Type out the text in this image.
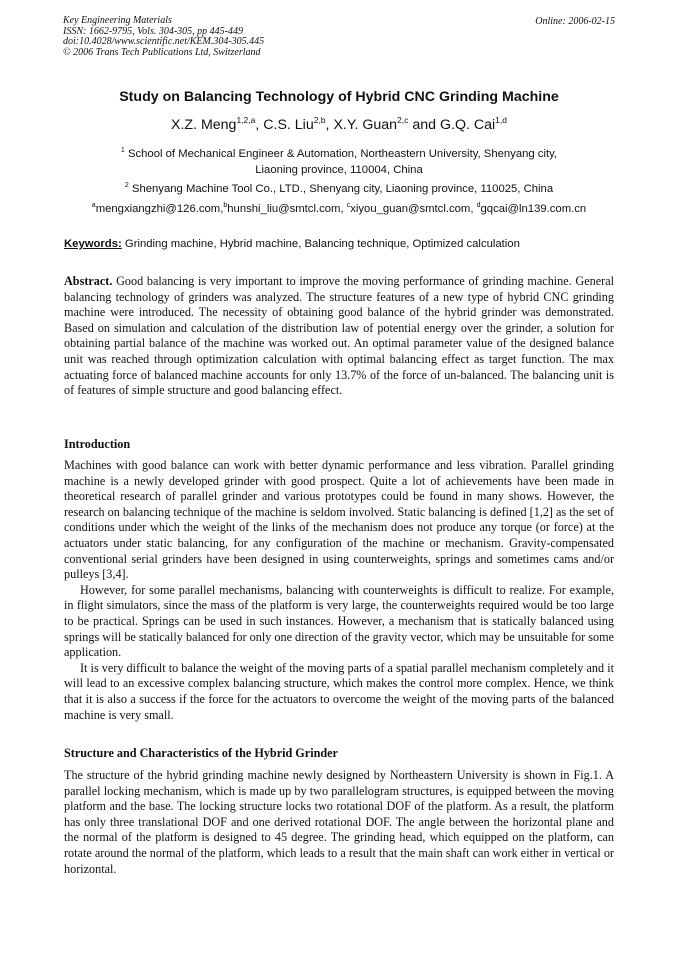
Key Engineering Materials
ISSN: 1662-9795, Vols. 304-305, pp 445-449
doi:10.4028/www.scientific.net/KEM.304-305.445
© 2006 Trans Tech Publications Ltd, Switzerland
Online: 2006-02-15
Study on Balancing Technology of Hybrid CNC Grinding Machine
X.Z. Meng$^{1,2,a}$, C.S. Liu$^{2,b}$, X.Y. Guan$^{2,c}$ and G.Q. Cai$^{1,d}$
$^1$ School of Mechanical Engineer & Automation, Northeastern University, Shenyang city,
Liaoning province, 110004, China
$^2$ Shenyang Machine Tool Co., LTD., Shenyang city, Liaoning province, 110025, China
$^a$mengxiangzhi@126.com,$^b$hunshi_liu@smtcl.com, $^c$xiyou_guan@smtcl.com, $^d$gqcai@ln139.com.cn
Keywords: Grinding machine, Hybrid machine, Balancing technique, Optimized calculation

Abstract. Good balancing is very important to improve the moving performance of grinding machine. General balancing technology of grinders was analyzed. The structure features of a new type of hybrid CNC grinding machine were introduced. The necessity of obtaining good balance of the hybrid grinder was demonstrated. Based on simulation and calculation of the distribution law of potential energy over the grinder, a solution for obtaining partial balance of the machine was worked out. An optimal parameter value of the designed balance unit was reached through optimization calculation with optimal balancing effect as target function. The max actuating force of balanced machine accounts for only 13.7% of the force of un-balanced. The balancing unit is of features of simple structure and good balancing effect.

Introduction

Machines with good balance can work with better dynamic performance and less vibration. Parallel grinding machine is a newly developed grinder with good prospect. Quite a lot of achievements have been made in theoretical research of parallel grinder and various prototypes could be found in many shows. However, the research on balancing technique of the machine is seldom involved. Static balancing is defined [1,2] as the set of conditions under which the weight of the links of the mechanism does not produce any torque (or force) at the actuators under static balancing, for any configuration of the machine or mechanism. Gravity-compensated conventional serial grinders have been designed in using counterweights, springs and sometimes cams and/or pulleys [3,4].

However, for some parallel mechanisms, balancing with counterweights is difficult to realize. For example, in flight simulators, since the mass of the platform is very large, the counterweights required would be too large to be practical. Springs can be used in such instances. However, a mechanism that is statically balanced using springs will be statically balanced for only one direction of the gravity vector, which may be unsuitable for some application.

It is very difficult to balance the weight of the moving parts of a spatial parallel mechanism completely and it will lead to an excessive complex balancing structure, which makes the control more complex. Hence, we think that it is also a success if the force for the actuators to overcome the weight of the moving parts of the balanced machine is very small.

Structure and Characteristics of the Hybrid Grinder

The structure of the hybrid grinding machine newly designed by Northeastern University is shown in Fig.1. A parallel locking mechanism, which is made up by two parallelogram structures, is equipped between the moving platform and the base. The locking structure locks two rotational DOF of the platform. As a result, the platform has only three translational DOF and one derived rotational DOF. The angle between the horizontal plane and the normal of the platform is designed to 45 degree. The grinding head, which equipped on the platform, can rotate around the normal of the platform, which leads to a result that the main shaft can work either in vertical or horizontal.
